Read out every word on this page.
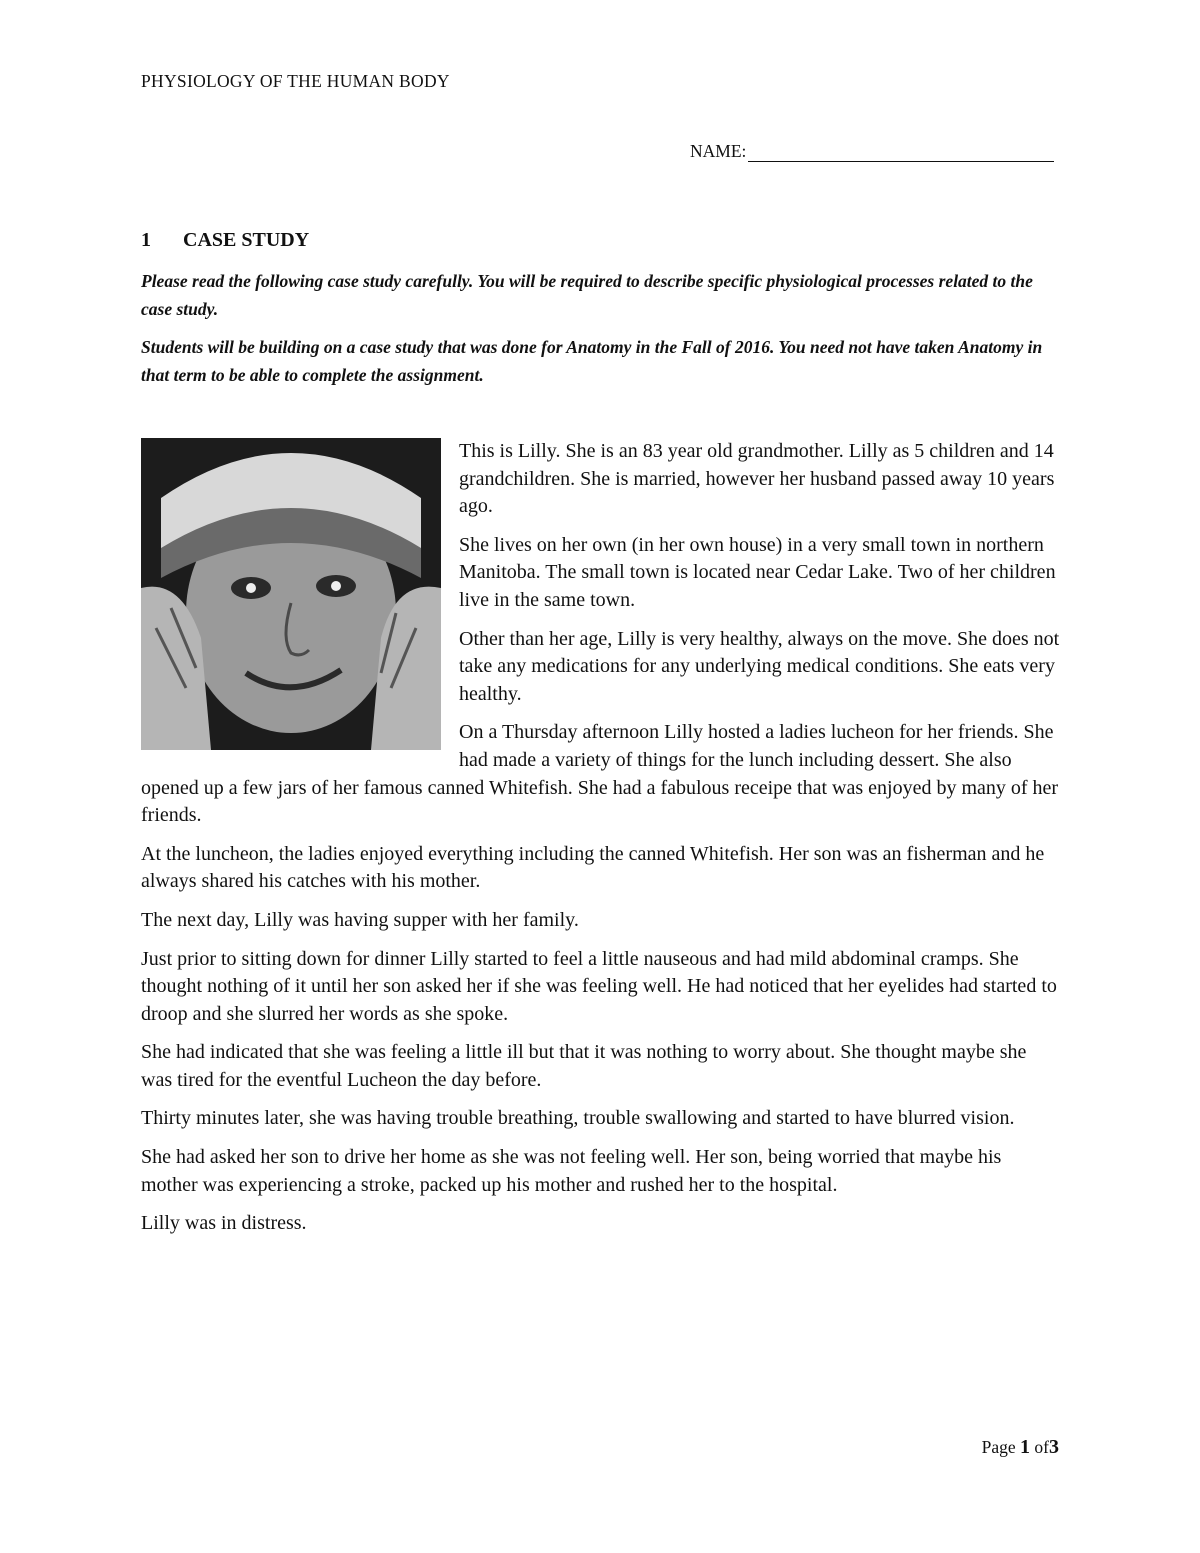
PHYSIOLOGY OF THE HUMAN BODY
NAME:
1 CASE STUDY

Please read the following case study carefully. You will be required to describe specific physiological processes related to the case study.

Students will be building on a case study that was done for Anatomy in the Fall of 2016. You need not have taken Anatomy in that term to be able to complete the assignment.

This is Lilly. She is an 83 year old grandmother. Lilly as 5 children and 14 grandchildren. She is married, however her husband passed away 10 years ago.

She lives on her own (in her own house) in a very small town in northern Manitoba. The small town is located near Cedar Lake. Two of her children live in the same town.

Other than her age, Lilly is very healthy, always on the move. She does not take any medications for any underlying medical conditions. She eats very healthy.

On a Thursday afternoon Lilly hosted a ladies lucheon for her friends. She had made a variety of things for the lunch including dessert. She also opened up a few jars of her famous canned Whitefish. She had a fabulous receipe that was enjoyed by many of her friends.

At the luncheon, the ladies enjoyed everything including the canned Whitefish. Her son was an fisherman and he always shared his catches with his mother.

The next day, Lilly was having supper with her family.

Just prior to sitting down for dinner Lilly started to feel a little nauseous and had mild abdominal cramps. She thought nothing of it until her son asked her if she was feeling well. He had noticed that her eyelides had started to droop and she slurred her words as she spoke.

She had indicated that she was feeling a little ill but that it was nothing to worry about. She thought maybe she was tired for the eventful Lucheon the day before.

Thirty minutes later, she was having trouble breathing, trouble swallowing and started to have blurred vision.

She had asked her son to drive her home as she was not feeling well. Her son, being worried that maybe his mother was experiencing a stroke, packed up his mother and rushed her to the hospital.

Lilly was in distress.

Page 1 of3
